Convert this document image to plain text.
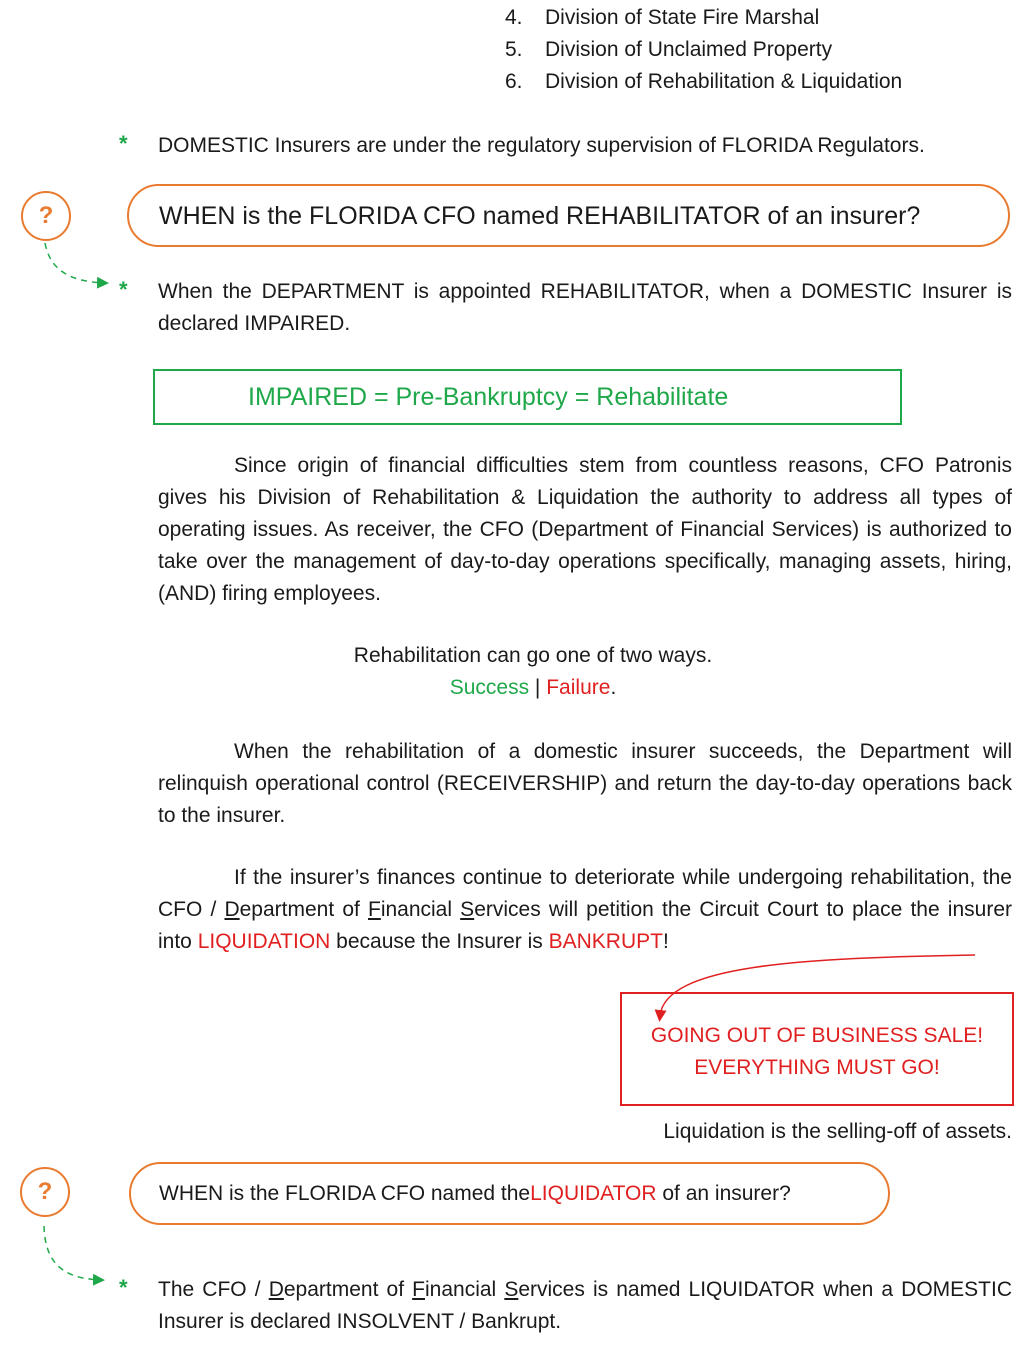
4.	Division of State Fire Marshal
5.	Division of Unclaimed Property
6.	Division of Rehabilitation & Liquidation
* DOMESTIC Insurers are under the regulatory supervision of FLORIDA Regulators.
?	WHEN is the FLORIDA CFO named REHABILITATOR of an insurer?
* When the DEPARTMENT is appointed REHABILITATOR, when a DOMESTIC Insurer is declared IMPAIRED.
IMPAIRED = Pre-Bankruptcy = Rehabilitate
Since origin of financial difficulties stem from countless reasons, CFO Patronis gives his Division of Rehabilitation & Liquidation the authority to address all types of operating issues. As receiver, the CFO (Department of Financial Services) is authorized to take over the management of day-to-day operations specifically, managing assets, hiring, (AND) firing employees.
Rehabilitation can go one of two ways.
Success | Failure.
When the rehabilitation of a domestic insurer succeeds, the Department will relinquish operational control (RECEIVERSHIP) and return the day-to-day operations back to the insurer.
If the insurer’s finances continue to deteriorate while undergoing rehabilitation, the CFO / Department of Financial Services will petition the Circuit Court to place the insurer into LIQUIDATION because the Insurer is BANKRUPT!
GOING OUT OF BUSINESS SALE!
EVERYTHING MUST GO!
Liquidation is the selling-off of assets.
?	WHEN is the FLORIDA CFO named the LIQUIDATOR of an insurer?
* The CFO / Department of Financial Services is named LIQUIDATOR when a DOMESTIC Insurer is declared INSOLVENT / Bankrupt.
